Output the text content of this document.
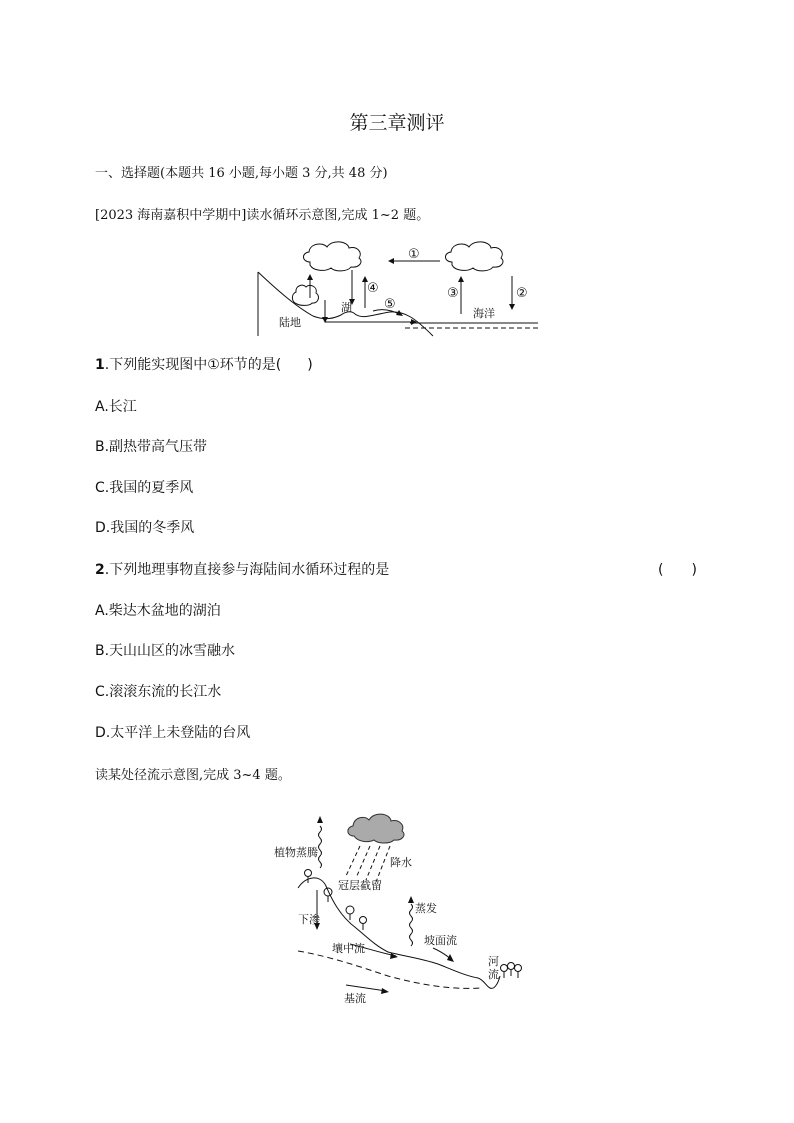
第三章测评
一、选择题(本题共 16 小题,每小题 3 分,共 48 分)
[2023 海南嘉积中学期中]读水循环示意图,完成 1~2 题。
①
②
③
④
⑤
湖
陆地
海洋
1.下列能实现图中①环节的是( )
A.长江
B.副热带高气压带
C.我国的夏季风
D.我国的冬季风
2.下列地理事物直接参与海陆间水循环过程的是	(　　)
A.柴达木盆地的湖泊
B.天山山区的冰雪融水
C.滚滚东流的长江水
D.太平洋上未登陆的台风
读某处径流示意图,完成 3~4 题。
植物蒸腾
降水
冠层截留
下渗
蒸发
壤中流
坡面流
河
流
基流
